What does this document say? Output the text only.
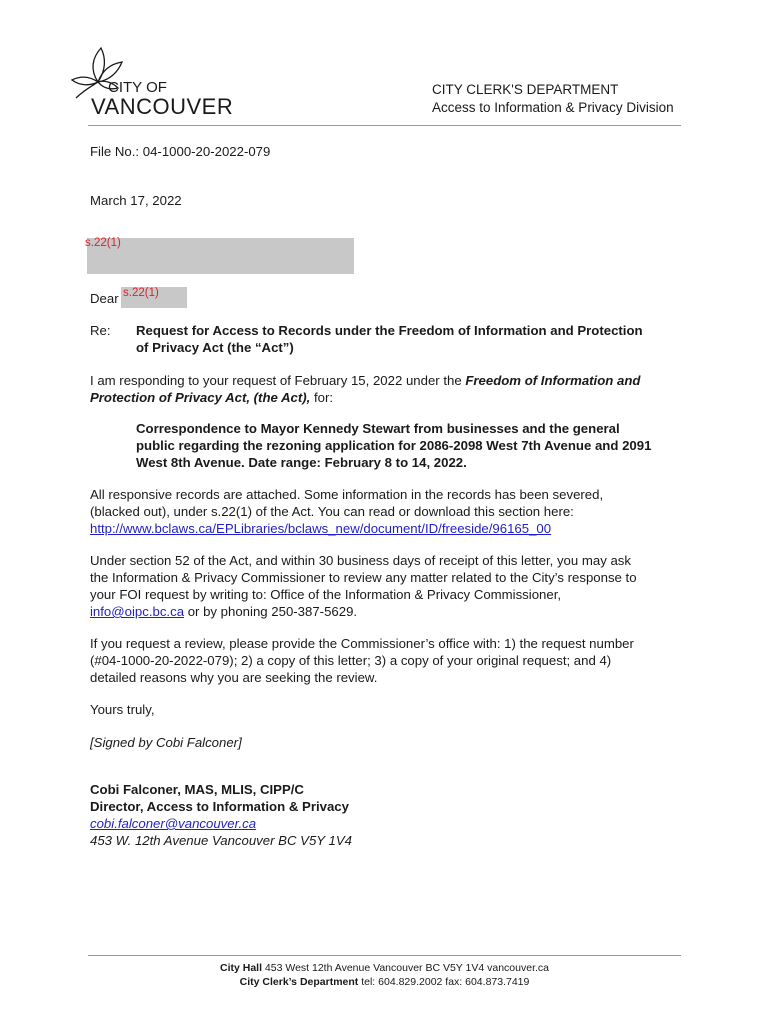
CITY OF
VANCOUVER
CITY CLERK'S DEPARTMENT
Access to Information & Privacy Division
File No.: 04-1000-20-2022-079
March 17, 2022
s.22(1)
Dear s.22(1)
Re: Request for Access to Records under the Freedom of Information and Protection
of Privacy Act (the “Act”)
I am responding to your request of February 15, 2022 under the Freedom of Information and
Protection of Privacy Act, (the Act), for:
Correspondence to Mayor Kennedy Stewart from businesses and the general
public regarding the rezoning application for 2086-2098 West 7th Avenue and 2091
West 8th Avenue. Date range: February 8 to 14, 2022.
All responsive records are attached. Some information in the records has been severed,
(blacked out), under s.22(1) of the Act. You can read or download this section here:
http://www.bclaws.ca/EPLibraries/bclaws_new/document/ID/freeside/96165_00
Under section 52 of the Act, and within 30 business days of receipt of this letter, you may ask
the Information & Privacy Commissioner to review any matter related to the City’s response to
your FOI request by writing to: Office of the Information & Privacy Commissioner,
info@oipc.bc.ca or by phoning 250-387-5629.
If you request a review, please provide the Commissioner’s office with: 1) the request number
(#04-1000-20-2022-079); 2) a copy of this letter; 3) a copy of your original request; and 4)
detailed reasons why you are seeking the review.
Yours truly,
[Signed by Cobi Falconer]
Cobi Falconer, MAS, MLIS, CIPP/C
Director, Access to Information & Privacy
cobi.falconer@vancouver.ca
453 W. 12th Avenue Vancouver BC V5Y 1V4
City Hall 453 West 12th Avenue Vancouver BC V5Y 1V4 vancouver.ca
City Clerk’s Department tel: 604.829.2002 fax: 604.873.7419
